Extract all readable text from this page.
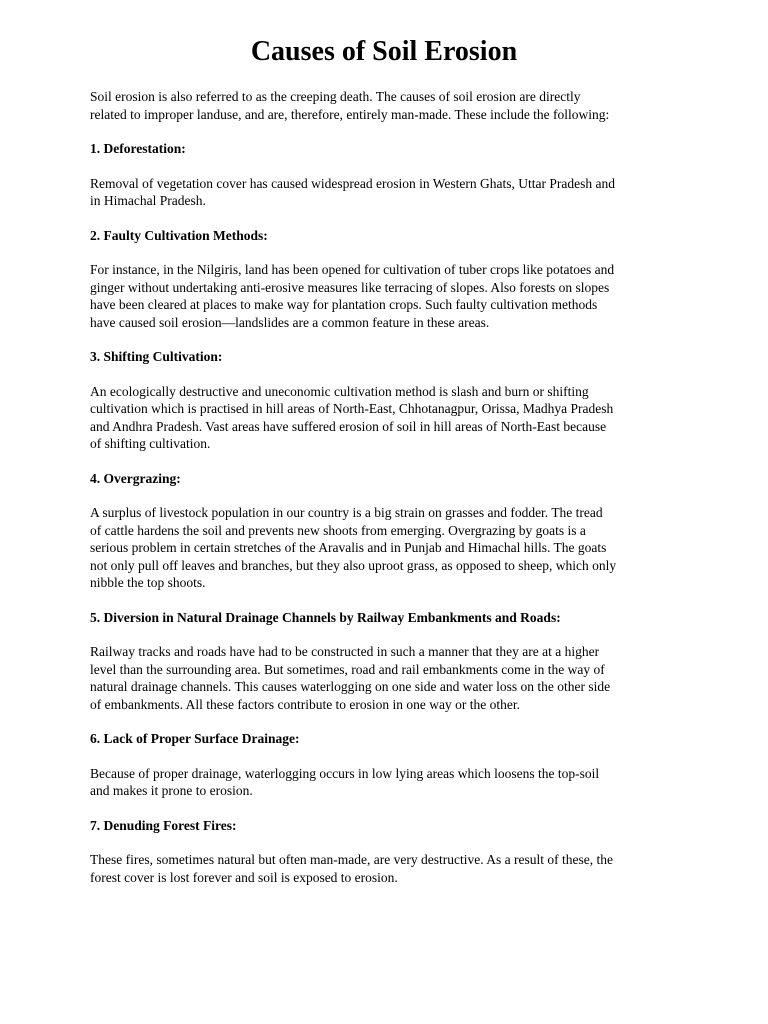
Causes of Soil Erosion

Soil erosion is also referred to as the creeping death. The causes of soil erosion are directly
related to improper landuse, and are, therefore, entirely man-made. These include the following:

1. Deforestation:

Removal of vegetation cover has caused widespread erosion in Western Ghats, Uttar Pradesh and
in Himachal Pradesh.

2. Faulty Cultivation Methods:

For instance, in the Nilgiris, land has been opened for cultivation of tuber crops like potatoes and
ginger without undertaking anti-erosive measures like terracing of slopes. Also forests on slopes
have been cleared at places to make way for plantation crops. Such faulty cultivation methods
have caused soil erosion—landslides are a common feature in these areas.

3. Shifting Cultivation:

An ecologically destructive and uneconomic cultivation method is slash and burn or shifting
cultivation which is practised in hill areas of North-East, Chhotanagpur, Orissa, Madhya Pradesh
and Andhra Pradesh. Vast areas have suffered erosion of soil in hill areas of North-East because
of shifting cultivation.

4. Overgrazing:

A surplus of livestock population in our country is a big strain on grasses and fodder. The tread
of cattle hardens the soil and prevents new shoots from emerging. Overgrazing by goats is a
serious problem in certain stretches of the Aravalis and in Punjab and Himachal hills. The goats
not only pull off leaves and branches, but they also uproot grass, as opposed to sheep, which only
nibble the top shoots.

5. Diversion in Natural Drainage Channels by Railway Embankments and Roads:

Railway tracks and roads have had to be constructed in such a manner that they are at a higher
level than the surrounding area. But sometimes, road and rail embankments come in the way of
natural drainage channels. This causes waterlogging on one side and water loss on the other side
of embankments. All these factors contribute to erosion in one way or the other.

6. Lack of Proper Surface Drainage:

Because of proper drainage, waterlogging occurs in low lying areas which loosens the top-soil
and makes it prone to erosion.

7. Denuding Forest Fires:

These fires, sometimes natural but often man-made, are very destructive. As a result of these, the
forest cover is lost forever and soil is exposed to erosion.
